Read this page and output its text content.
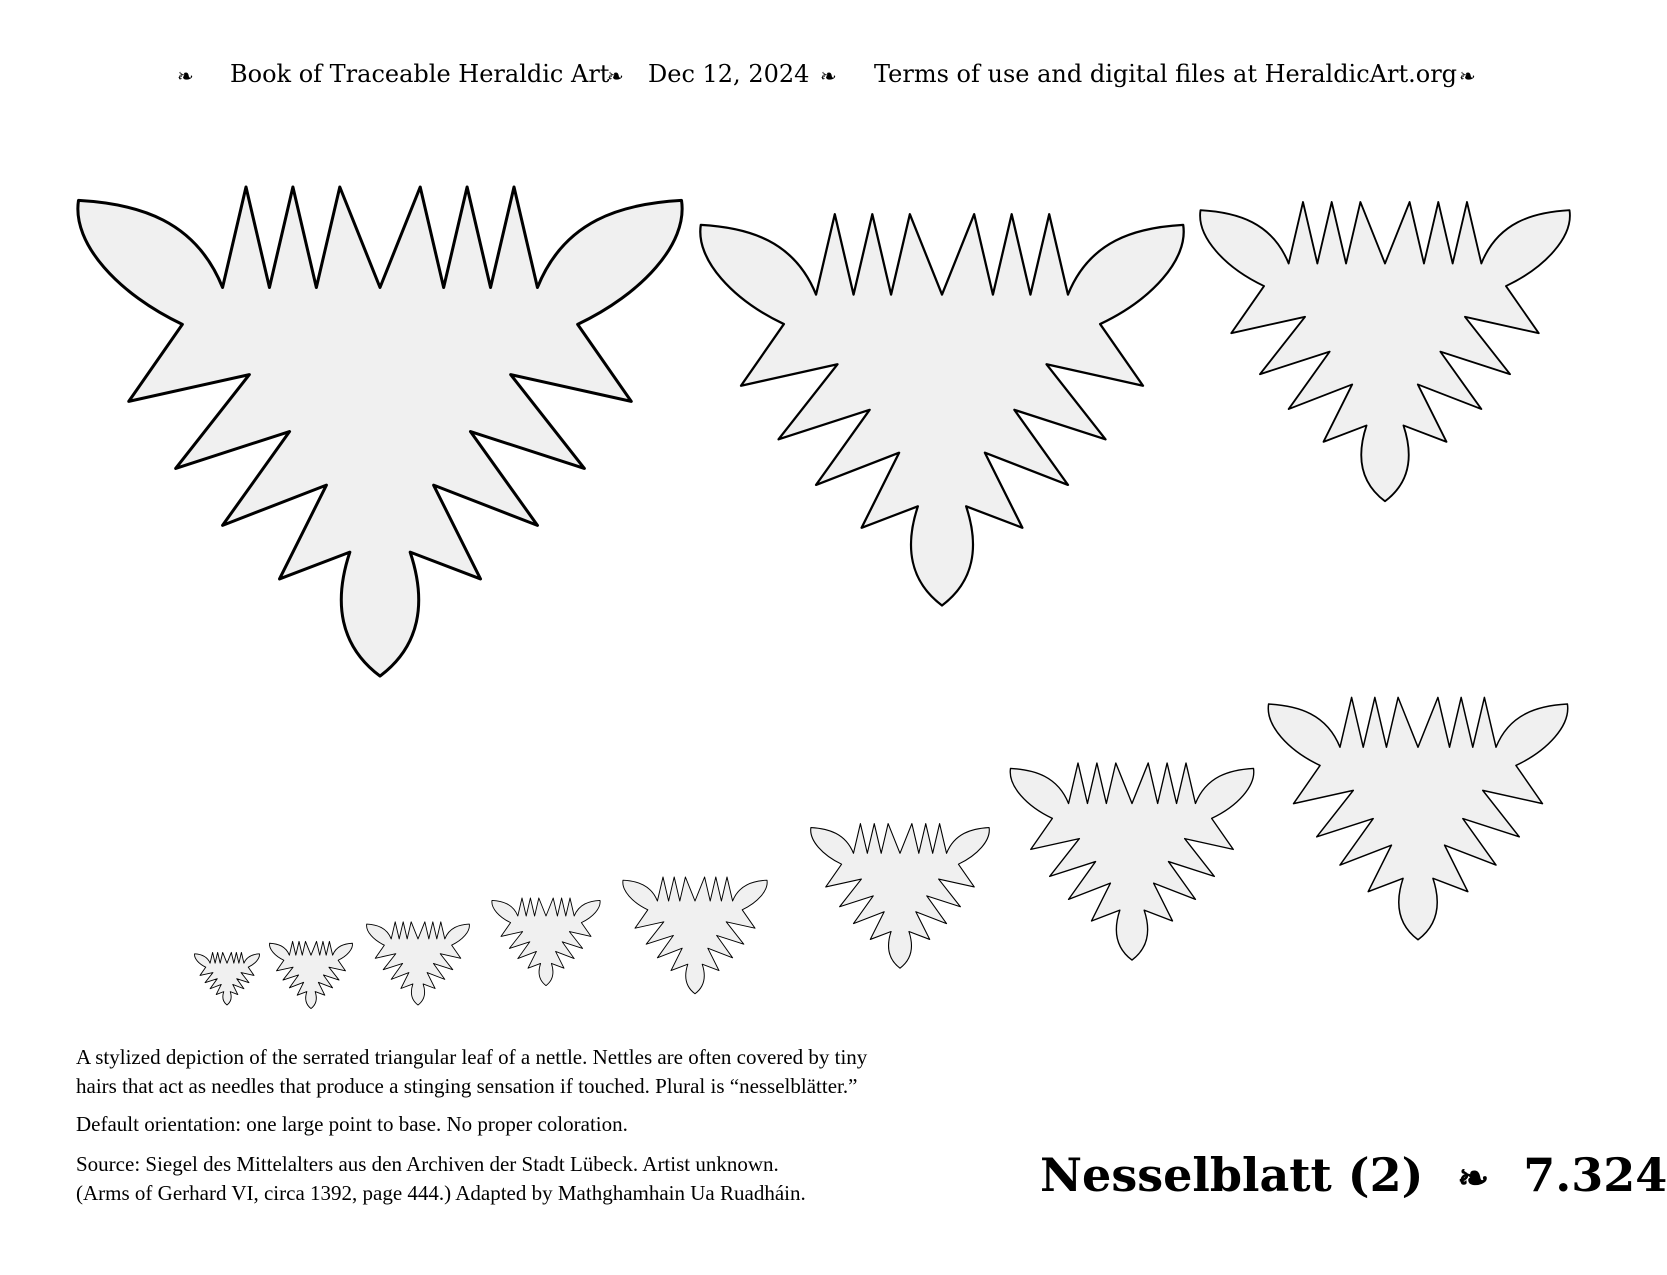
❧ Book of Traceable Heraldic Art
❧ Dec 12, 2024 ❧ Terms of use and digital files at HeraldicArt.org ❧
A stylized depiction of the serrated triangular leaf of a nettle. Nettles are often covered by tiny
hairs that act as needles that produce a stinging sensation if touched. Plural is “nesselblätter.”
Default orientation: one large point to base. No proper coloration.
Source: Siegel des Mittelalters aus den Archiven der Stadt Lübeck. Artist unknown.
(Arms of Gerhard VI, circa 1392, page 444.) Adapted by Mathghamhain Ua Ruadháin.	Nesselblatt (2) ❧ 7.324
